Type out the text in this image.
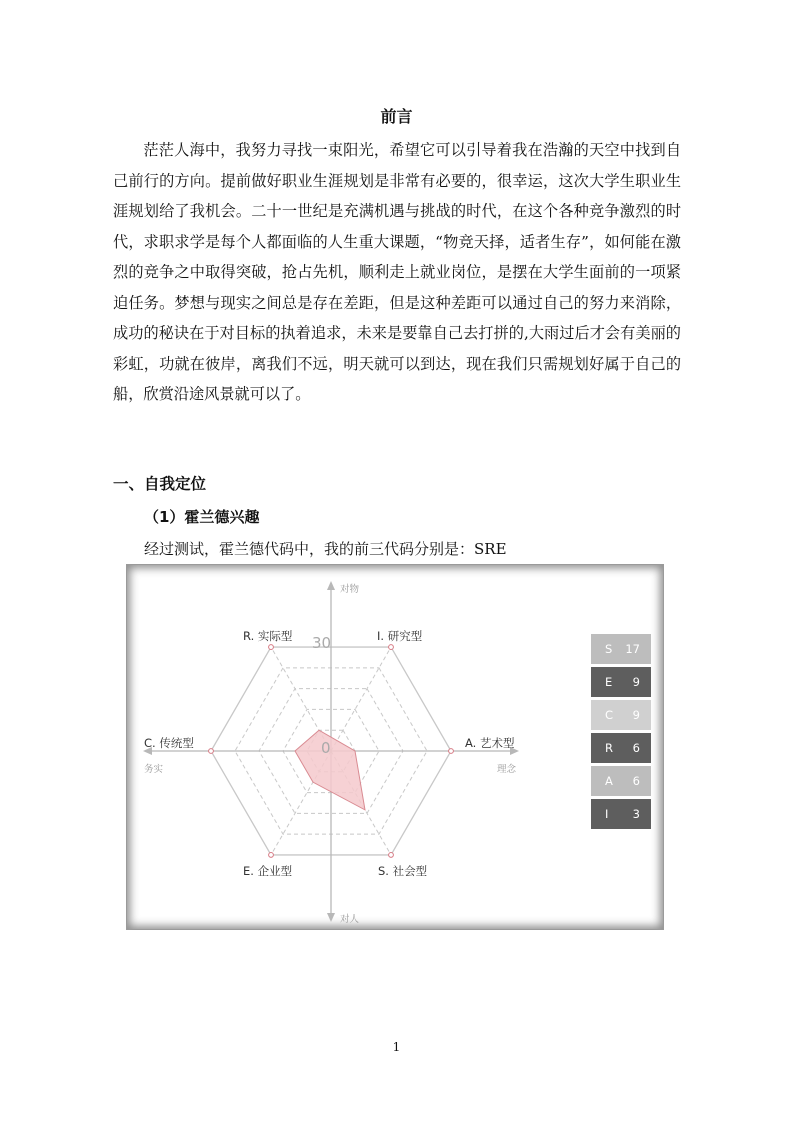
前言

茫茫人海中，我努力寻找一束阳光，希望它可以引导着我在浩瀚的天空中找到自己前行的方向。提前做好职业生涯规划是非常有必要的，很幸运，这次大学生职业生涯规划给了我机会。二十一世纪是充满机遇与挑战的时代，在这个各种竞争激烈的时代，求职求学是每个人都面临的人生重大课题，“物竞天择，适者生存”，如何能在激烈的竞争之中取得突破，抢占先机，顺利走上就业岗位，是摆在大学生面前的一项紧迫任务。梦想与现实之间总是存在差距，但是这种差距可以通过自己的努力来消除，成功的秘诀在于对目标的执着追求，未来是要靠自己去打拼的,大雨过后才会有美丽的彩虹，功就在彼岸，离我们不远，明天就可以到达，现在我们只需规划好属于自己的船，欣赏沿途风景就可以了。

一、自我定位
（1）霍兰德兴趣
经过测试，霍兰德代码中，我的前三代码分别是：SRE
R. 实际型	I. 研究型
C. 传统型	A. 艺术型
E. 企业型	S. 社会型
对物
对人
务实	理念
30
0
S 17
E 9
C 9
R 6
A 6
I 3
1
